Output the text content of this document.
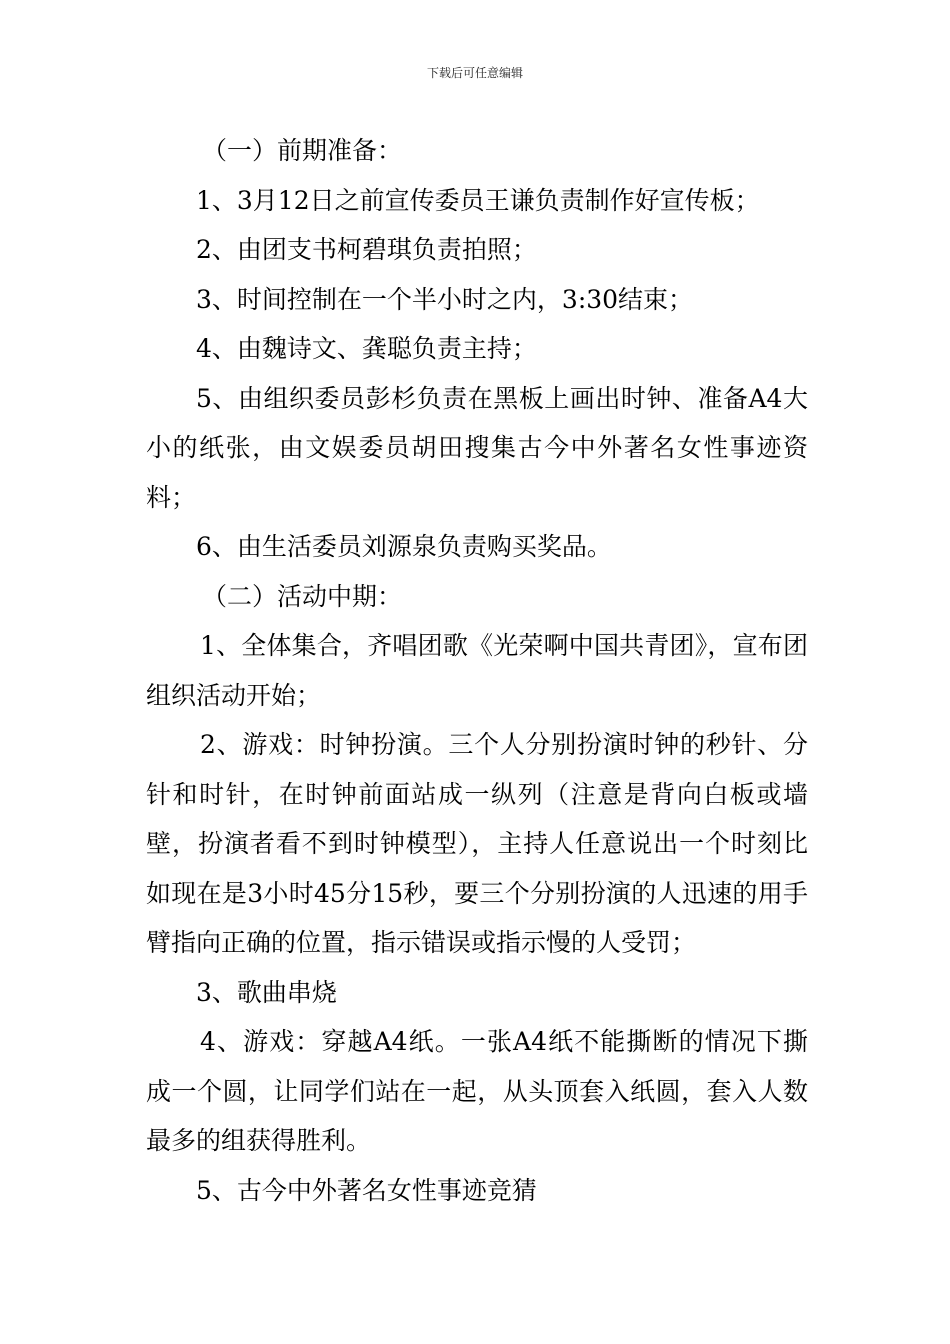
下载后可任意编辑

（一）前期准备：

1、3月12日之前宣传委员王谦负责制作好宣传板；

2、由团支书柯碧琪负责拍照；

3、时间控制在一个半小时之内，3:30结束；

4、由魏诗文、龚聪负责主持；

5、由组织委员彭杉负责在黑板上画出时钟、准备A4大小的纸张，由文娱委员胡田搜集古今中外著名女性事迹资料；

6、由生活委员刘源泉负责购买奖品。

（二）活动中期：

1、全体集合，齐唱团歌《光荣啊中国共青团》，宣布团组织活动开始；

2、游戏：时钟扮演。三个人分别扮演时钟的秒针、分针和时针，在时钟前面站成一纵列（注意是背向白板或墙壁，扮演者看不到时钟模型），主持人任意说出一个时刻比如现在是3小时45分15秒，要三个分别扮演的人迅速的用手臂指向正确的位置，指示错误或指示慢的人受罚；

3、歌曲串烧

4、游戏：穿越A4纸。一张A4纸不能撕断的情况下撕成一个圆，让同学们站在一起，从头顶套入纸圆，套入人数最多的组获得胜利。

5、古今中外著名女性事迹竞猜
